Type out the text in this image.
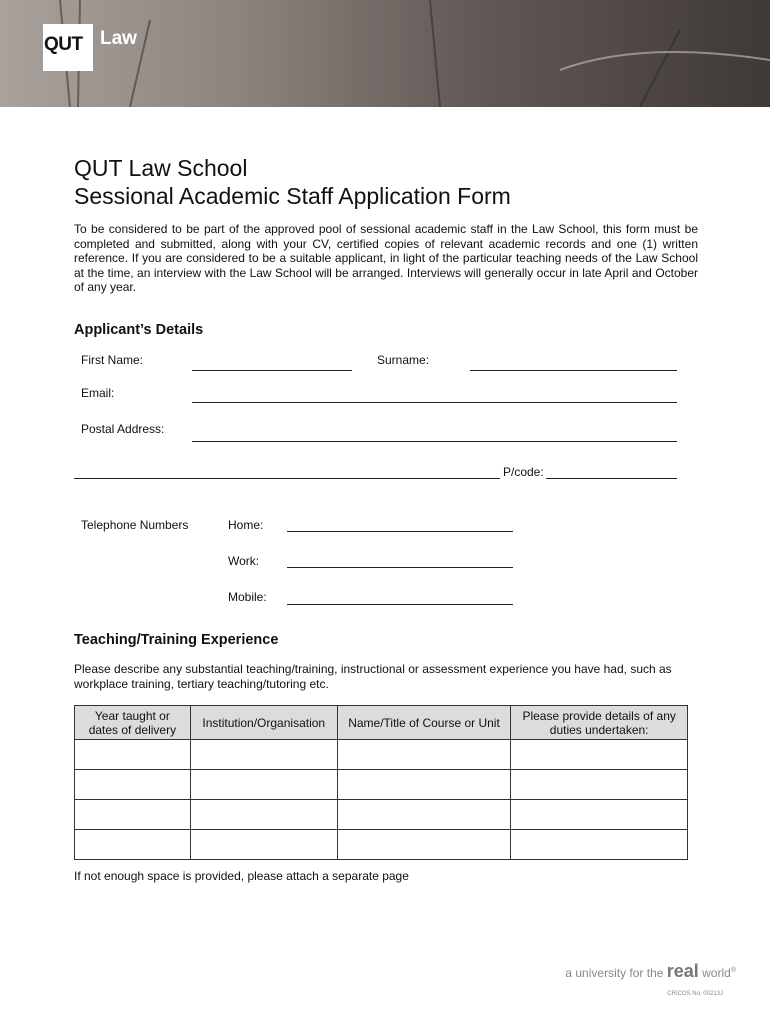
QUT Law
QUT Law School
Sessional Academic Staff Application Form
To be considered to be part of the approved pool of sessional academic staff in the Law School, this form must be completed and submitted, along with your CV, certified copies of relevant academic records and one (1) written reference. If you are considered to be a suitable applicant, in light of the particular teaching needs of the Law School at the time, an interview with the Law School will be arranged. Interviews will generally occur in late April and October of any year.
Applicant’s Details
First Name:	Surname:
Email:
Postal Address:
P/code:
Telephone Numbers	Home:
Work:
Mobile:
Teaching/Training Experience
Please describe any substantial teaching/training, instructional or assessment experience you have had, such as workplace training, tertiary teaching/tutoring etc.
Year taught or dates of delivery	Institution/Organisation	Name/Title of Course or Unit	Please provide details of any duties undertaken:

If not enough space is provided, please attach a separate page
a university for the real world®
CRICOS No. 00213J
